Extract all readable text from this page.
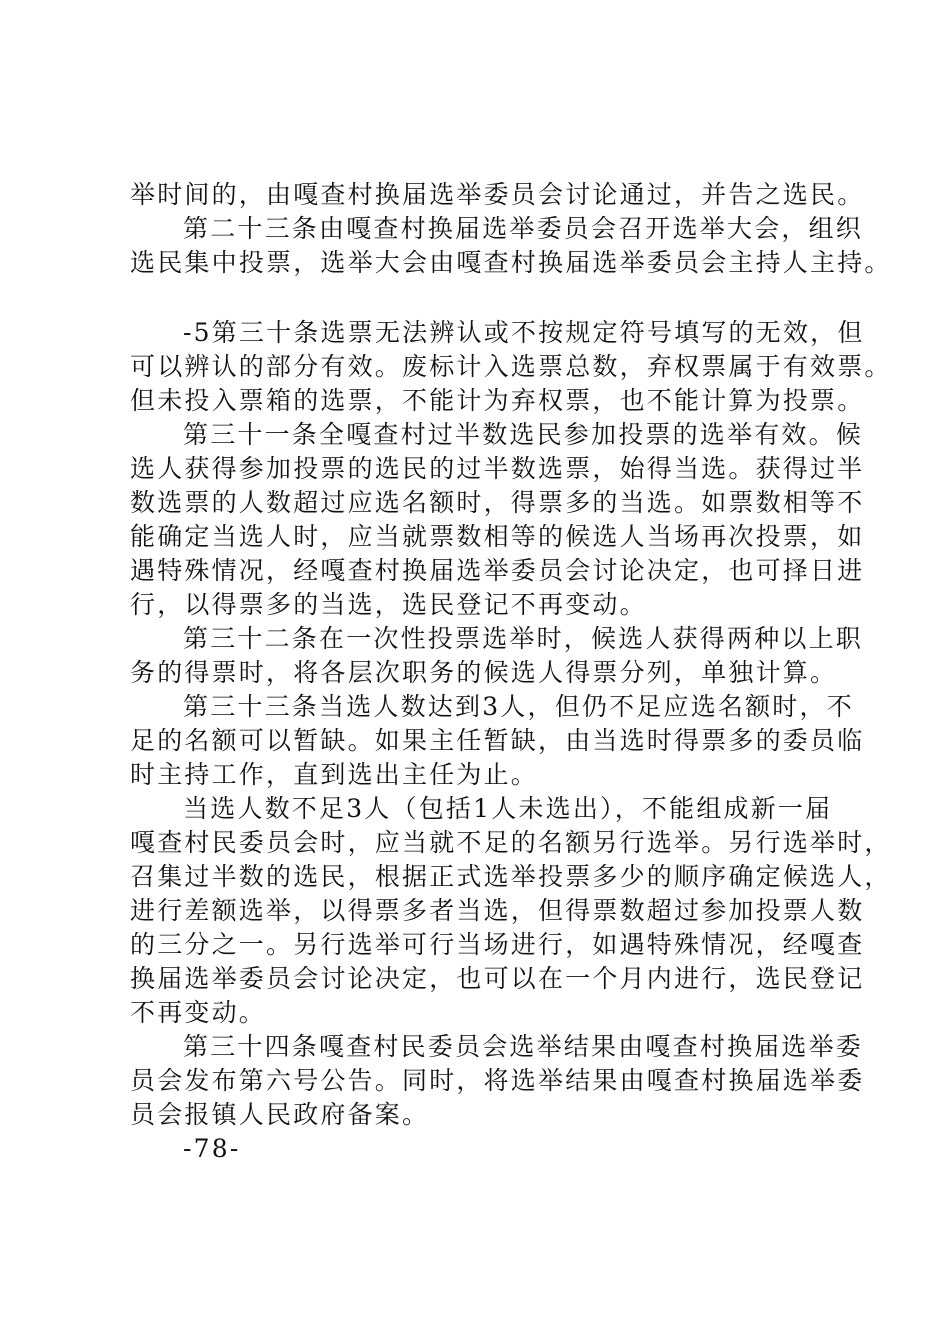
举时间的，由嘎查村换届选举委员会讨论通过，并告之选民。
第二十三条由嘎查村换届选举委员会召开选举大会，组织
选民集中投票，选举大会由嘎查村换届选举委员会主持人主持。
-5第三十条选票无法辨认或不按规定符号填写的无效，但
可以辨认的部分有效。废标计入选票总数，弃权票属于有效票。
但未投入票箱的选票，不能计为弃权票，也不能计算为投票。
第三十一条全嘎查村过半数选民参加投票的选举有效。候
选人获得参加投票的选民的过半数选票，始得当选。获得过半
数选票的人数超过应选名额时，得票多的当选。如票数相等不
能确定当选人时，应当就票数相等的候选人当场再次投票，如
遇特殊情况，经嘎查村换届选举委员会讨论决定，也可择日进
行，以得票多的当选，选民登记不再变动。
第三十二条在一次性投票选举时，候选人获得两种以上职
务的得票时，将各层次职务的候选人得票分列，单独计算。
第三十三条当选人数达到3人，但仍不足应选名额时，不
足的名额可以暂缺。如果主任暂缺，由当选时得票多的委员临
时主持工作，直到选出主任为止。
当选人数不足3人（包括1人未选出），不能组成新一届
嘎查村民委员会时，应当就不足的名额另行选举。另行选举时，
召集过半数的选民，根据正式选举投票多少的顺序确定候选人，
进行差额选举，以得票多者当选，但得票数超过参加投票人数
的三分之一。另行选举可行当场进行，如遇特殊情况，经嘎查
换届选举委员会讨论决定，也可以在一个月内进行，选民登记
不再变动。
第三十四条嘎查村民委员会选举结果由嘎查村换届选举委
员会发布第六号公告。同时，将选举结果由嘎查村换届选举委
员会报镇人民政府备案。
-78-
